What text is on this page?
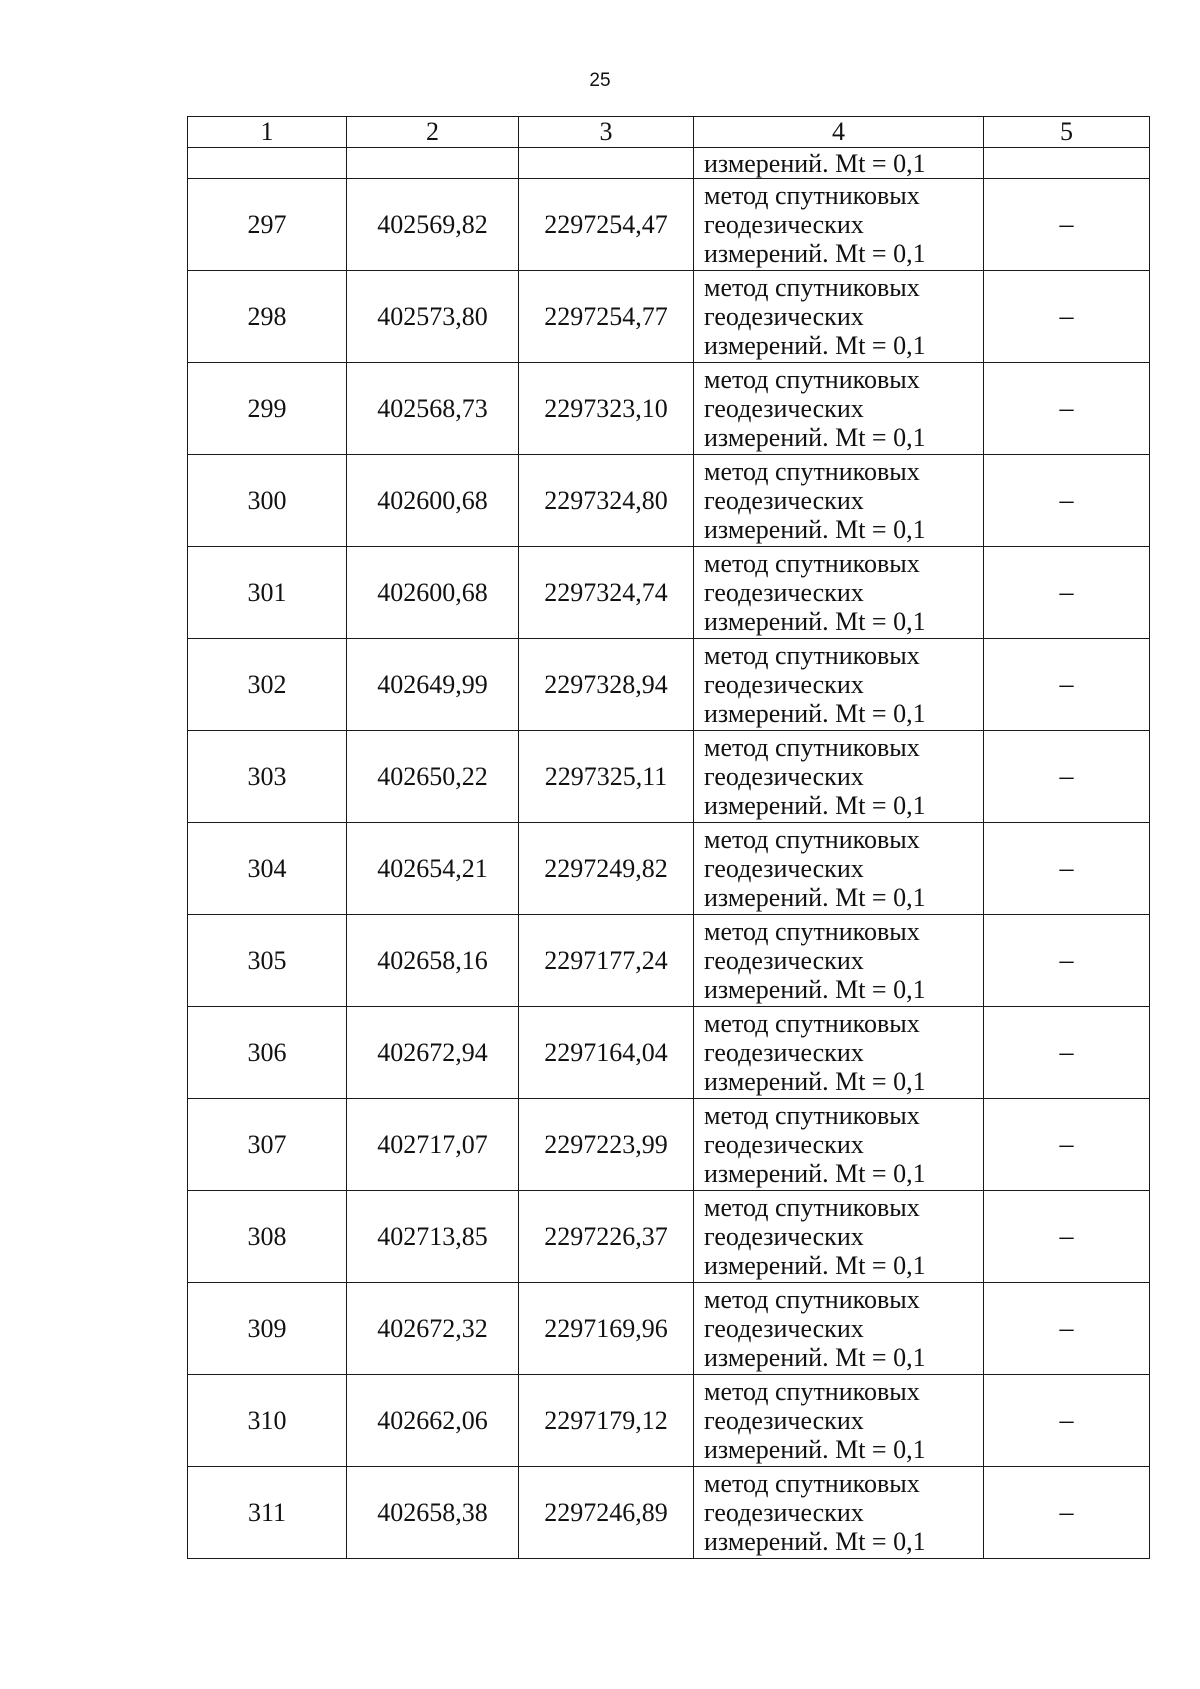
25
1	2	3	4	5

			измерений. Mt = 0,1	

297	402569,82	2297254,47	метод спутниковых
геодезических
измерений. Mt = 0,1	–
298	402573,80	2297254,77	метод спутниковых
геодезических
измерений. Mt = 0,1	–
299	402568,73	2297323,10	метод спутниковых
геодезических
измерений. Mt = 0,1	–
300	402600,68	2297324,80	метод спутниковых
геодезических
измерений. Mt = 0,1	–
301	402600,68	2297324,74	метод спутниковых
геодезических
измерений. Mt = 0,1	–
302	402649,99	2297328,94	метод спутниковых
геодезических
измерений. Mt = 0,1	–
303	402650,22	2297325,11	метод спутниковых
геодезических
измерений. Mt = 0,1	–
304	402654,21	2297249,82	метод спутниковых
геодезических
измерений. Mt = 0,1	–
305	402658,16	2297177,24	метод спутниковых
геодезических
измерений. Mt = 0,1	–
306	402672,94	2297164,04	метод спутниковых
геодезических
измерений. Mt = 0,1	–
307	402717,07	2297223,99	метод спутниковых
геодезических
измерений. Mt = 0,1	–
308	402713,85	2297226,37	метод спутниковых
геодезических
измерений. Mt = 0,1	–
309	402672,32	2297169,96	метод спутниковых
геодезических
измерений. Mt = 0,1	–
310	402662,06	2297179,12	метод спутниковых
геодезических
измерений. Mt = 0,1	–
311	402658,38	2297246,89	метод спутниковых
геодезических
измерений. Mt = 0,1	–
